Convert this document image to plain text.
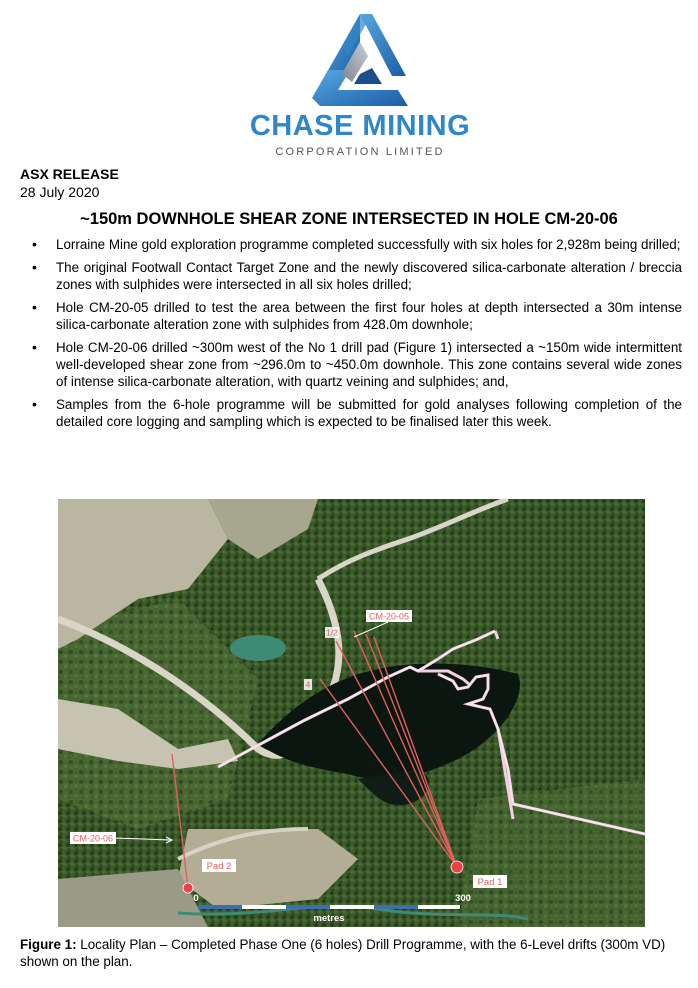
CHASE MINING
CORPORATION LIMITED
ASX RELEASE
28 July 2020
~150m DOWNHOLE SHEAR ZONE INTERSECTED IN HOLE CM-20-06
• Lorraine Mine gold exploration programme completed successfully with six holes for 2,928m being drilled;
• The original Footwall Contact Target Zone and the newly discovered silica-carbonate alteration / breccia zones with sulphides were intersected in all six holes drilled;
• Hole CM-20-05 drilled to test the area between the first four holes at depth intersected a 30m intense silica-carbonate alteration zone with sulphides from 428.0m downhole;
• Hole CM-20-06 drilled ~300m west of the No 1 drill pad (Figure 1) intersected a ~150m wide intermittent well-developed shear zone from ~296.0m to ~450.0m downhole. This zone contains several wide zones of intense silica-carbonate alteration, with quartz veining and sulphides; and,
• Samples from the 6-hole programme will be submitted for gold analyses following completion of the detailed core logging and sampling which is expected to be finalised later this week.
CM-20-05
1/2
4
CM-20-06
Pad 2
Pad 1
0	300
metres
Figure 1: Locality Plan – Completed Phase One (6 holes) Drill Programme, with the 6-Level drifts (300m VD) shown on the plan.
